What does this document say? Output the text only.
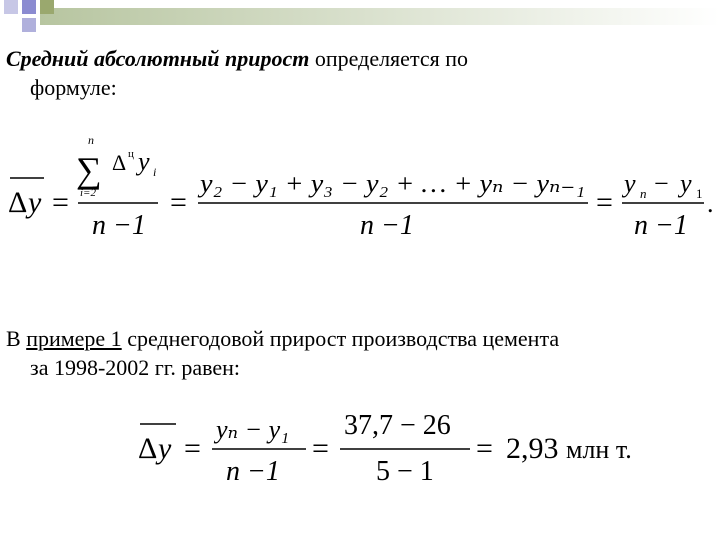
Средний абсолютный прирост определяется по
формуле:
Δ y =
n
∑
i=2
Δ ц y i
n −1
=
y₂ − y₁ + y₃ − y₂ + … + yₙ − yₙ₋₁
n −1
=
y n − y 1
n −1
.
В примере 1 среднегодовой прирост производства цемента
за 1998-2002 гг. равен:
Δ y =
yₙ − y₁
n −1
=
37,7 − 26
5 − 1
= 2,93 млн т.
